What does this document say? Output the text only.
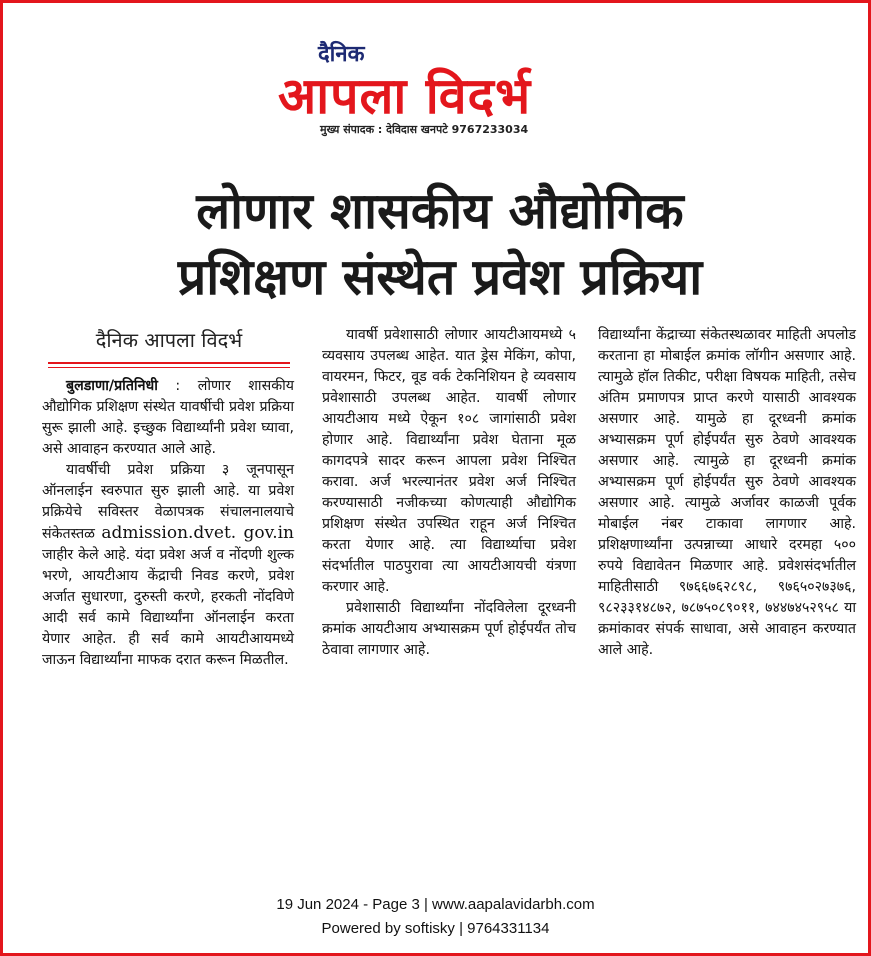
दैनिक
आपला विदर्भ
मुख्य संपादक : देविदास खनपटे 9767233034
लोणार शासकीय औद्योगिक
प्रशिक्षण संस्थेत प्रवेश प्रक्रिया
दैनिक आपला विदर्भ

बुलडाणा/प्रतिनिधी : लोणार शासकीय औद्योगिक प्रशिक्षण संस्थेत यावर्षीची प्रवेश प्रक्रिया सुरू झाली आहे. इच्छुक विद्यार्थ्यांनी प्रवेश घ्यावा, असे आवाहन करण्यात आले आहे.

यावर्षीची प्रवेश प्रक्रिया ३ जूनपासून ऑनलाईन स्वरुपात सुरु झाली आहे. या प्रवेश प्रक्रियेचे सविस्तर वेळापत्रक संचालनालयाचे संकेतस्तळ admission.dvet. gov.in जाहीर केले आहे. यंदा प्रवेश अर्ज व नोंदणी शुल्क भरणे, आयटीआय केंद्राची निवड करणे, प्रवेश अर्जात सुधारणा, दुरुस्ती करणे, हरकती नोंदविणे आदी सर्व कामे विद्यार्थ्यांना ऑनलाईन करता येणार आहेत. ही सर्व कामे आयटीआयमध्ये जाऊन विद्यार्थ्यांना माफक दरात करून मिळतील.

यावर्षी प्रवेशासाठी लोणार आयटीआयमध्ये ५ व्यवसाय उपलब्ध आहेत. यात ड्रेस मेकिंग, कोपा, वायरमन, फिटर, वूड वर्क टेकनिशियन हे व्यवसाय प्रवेशासाठी उपलब्ध आहेत. यावर्षी लोणार आयटीआय मध्ये ऐकून १०८ जागांसाठी प्रवेश होणार आहे. विद्यार्थ्यांना प्रवेश घेताना मूळ कागदपत्रे सादर करून आपला प्रवेश निश्चित करावा. अर्ज भरल्यानंतर प्रवेश अर्ज निश्चित करण्यासाठी नजीकच्या कोणत्याही औद्योगिक प्रशिक्षण संस्थेत उपस्थित राहून अर्ज निश्चित करता येणार आहे. त्या विद्यार्थ्याचा प्रवेश संदर्भातील पाठपुरावा त्या आयटीआयची यंत्रणा करणार आहे.

प्रवेशासाठी विद्यार्थ्यांना नोंदविलेला दूरध्वनी क्रमांक आयटीआय अभ्यासक्रम पूर्ण होईपर्यंत तोच ठेवावा लागणार आहे.

विद्यार्थ्यांना केंद्राच्या संकेतस्थळावर माहिती अपलोड करताना हा मोबाईल क्रमांक लॉगीन असणार आहे. त्यामुळे हॉल तिकीट, परीक्षा विषयक माहिती, तसेच अंतिम प्रमाणपत्र प्राप्त करणे यासाठी आवश्यक असणार आहे. यामुळे हा दूरध्वनी क्रमांक अभ्यासक्रम पूर्ण होईपर्यंत सुरु ठेवणे आवश्यक असणार आहे. त्यामुळे हा दूरध्वनी क्रमांक अभ्यासक्रम पूर्ण होईपर्यंत सुरु ठेवणे आवश्यक असणार आहे. त्यामुळे अर्जावर काळजी पूर्वक मोबाईल नंबर टाकावा लागणार आहे. प्रशिक्षणार्थ्यांना उत्पन्नाच्या आधारे दरमहा ५०० रुपये विद्यावेतन मिळणार आहे. प्रवेशसंदर्भातील माहितीसाठी ९७६६७६२८९८, ९७६५०२७३७६, ९८२३३१४८७२, ७८७५०८९०११, ७४४७४५२९५८ या क्रमांकावर संपर्क साधावा, असे आवाहन करण्यात आले आहे.

19 Jun 2024 - Page 3 | www.aapalavidarbh.com
Powered by softisky | 9764331134
